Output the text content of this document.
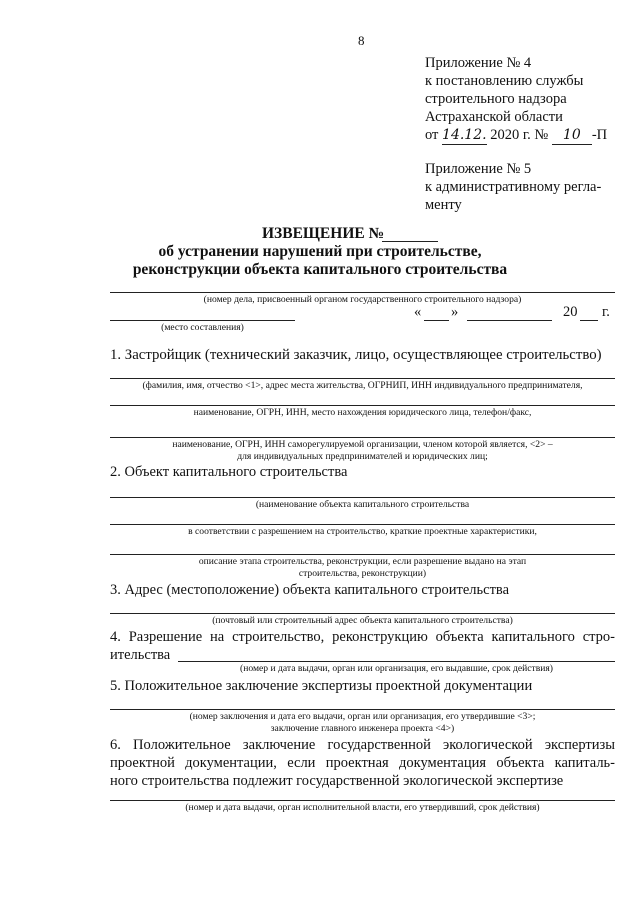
8
Приложение № 4
к постановлению службы
строительного надзора
Астраханской области
от 14.12. 2020 г. № 10 -П
Приложение № 5
к административному регла-
менту
ИЗВЕЩЕНИЕ №
об устранении нарушений при строительстве,
реконструкции объекта капитального строительства
(номер дела, присвоенный органом государственного строительного надзора)
(место составления)
« »	20 г.
1. Застройщик (технический заказчик, лицо, осуществляющее строительство)
(фамилия, имя, отчество <1>, адрес места жительства, ОГРНИП, ИНН индивидуального предпринимателя,
наименование, ОГРН, ИНН, место нахождения юридического лица, телефон/факс,
наименование, ОГРН, ИНН саморегулируемой организации, членом которой является, <2> –
для индивидуальных предпринимателей и юридических лиц;
2. Объект капитального строительства
(наименование объекта капитального строительства
в соответствии с разрешением на строительство, краткие проектные характеристики,
описание этапа строительства, реконструкции, если разрешение выдано на этап
строительства, реконструкции)
3. Адрес (местоположение) объекта капитального строительства
(почтовый или строительный адрес объекта капитального строительства)
4. Разрешение на строительство, реконструкцию объекта капитального стро-
ительства
(номер и дата выдачи, орган или организация, его выдавшие, срок действия)
5. Положительное заключение экспертизы проектной документации
(номер заключения и дата его выдачи, орган или организация, его утвердившие <3>;
заключение главного инженера проекта <4>)
6. Положительное заключение государственной экологической экспертизы
проектной документации, если проектная документация объекта капиталь-
ного строительства подлежит государственной экологической экспертизе
(номер и дата выдачи, орган исполнительной власти, его утвердивший, срок действия)
